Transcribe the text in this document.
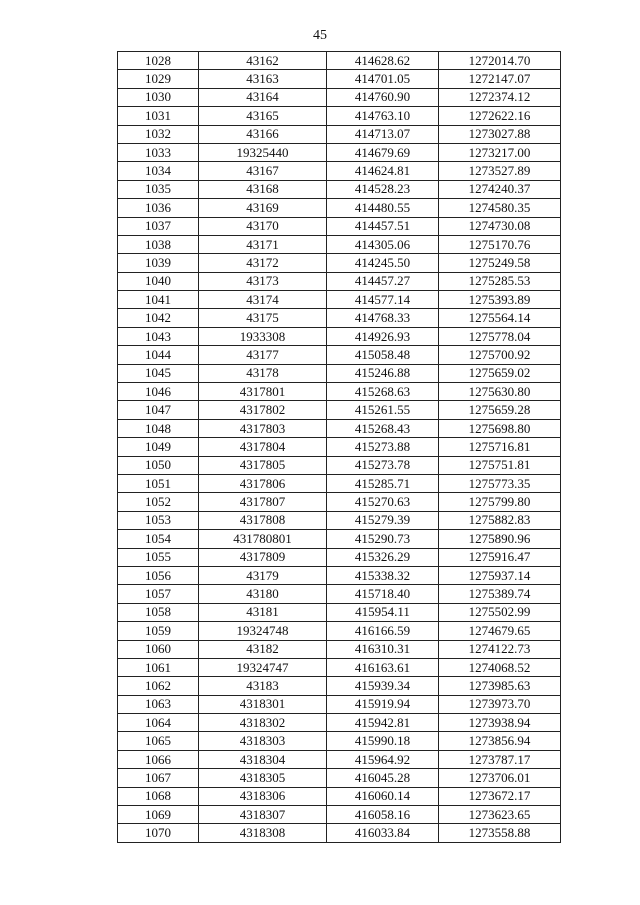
45
1028	43162	414628.62	1272014.70
1029	43163	414701.05	1272147.07
1030	43164	414760.90	1272374.12
1031	43165	414763.10	1272622.16
1032	43166	414713.07	1273027.88
1033	19325440	414679.69	1273217.00
1034	43167	414624.81	1273527.89
1035	43168	414528.23	1274240.37
1036	43169	414480.55	1274580.35
1037	43170	414457.51	1274730.08
1038	43171	414305.06	1275170.76
1039	43172	414245.50	1275249.58
1040	43173	414457.27	1275285.53
1041	43174	414577.14	1275393.89
1042	43175	414768.33	1275564.14
1043	1933308	414926.93	1275778.04
1044	43177	415058.48	1275700.92
1045	43178	415246.88	1275659.02
1046	4317801	415268.63	1275630.80
1047	4317802	415261.55	1275659.28
1048	4317803	415268.43	1275698.80
1049	4317804	415273.88	1275716.81
1050	4317805	415273.78	1275751.81
1051	4317806	415285.71	1275773.35
1052	4317807	415270.63	1275799.80
1053	4317808	415279.39	1275882.83
1054	431780801	415290.73	1275890.96
1055	4317809	415326.29	1275916.47
1056	43179	415338.32	1275937.14
1057	43180	415718.40	1275389.74
1058	43181	415954.11	1275502.99
1059	19324748	416166.59	1274679.65
1060	43182	416310.31	1274122.73
1061	19324747	416163.61	1274068.52
1062	43183	415939.34	1273985.63
1063	4318301	415919.94	1273973.70
1064	4318302	415942.81	1273938.94
1065	4318303	415990.18	1273856.94
1066	4318304	415964.92	1273787.17
1067	4318305	416045.28	1273706.01
1068	4318306	416060.14	1273672.17
1069	4318307	416058.16	1273623.65
1070	4318308	416033.84	1273558.88
